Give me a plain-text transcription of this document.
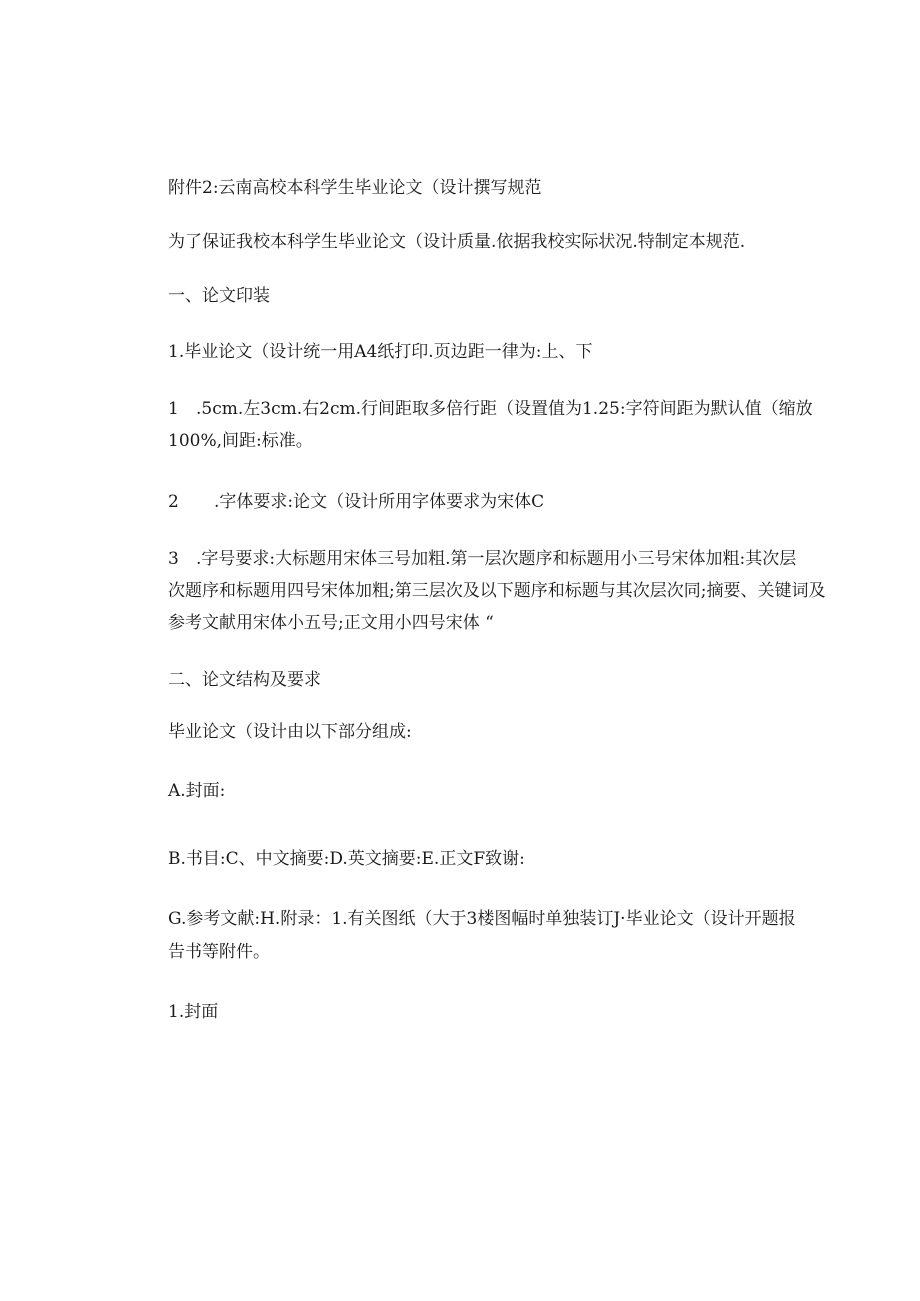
附件2:云南高校本科学生毕业论文（设计撰写规范
为了保证我校本科学生毕业论文（设计质量.依据我校实际状况.特制定本规范.
一、论文印装
1.毕业论文（设计统一用A4纸打印.页边距一律为:上、下
1 .5cm.左3cm.右2cm.行间距取多倍行距（设置值为1.25:字符间距为默认值（缩放
100%,间距:标准。
2 .字体要求:论文（设计所用字体要求为宋体C
3 .字号要求:大标题用宋体三号加粗.第一层次题序和标题用小三号宋体加粗:其次层
次题序和标题用四号宋体加粗;第三层次及以下题序和标题与其次层次同;摘要、关键词及
参考文献用宋体小五号;正文用小四号宋体 “
二、论文结构及要求
毕业论文（设计由以下部分组成:
A.封面:
B.书目:C、中文摘要:D.英文摘要:E.正文F致谢:
G.参考文献:H.附录：1.有关图纸（大于3楼图幅时单独装订J·毕业论文（设计开题报
告书等附件。
1.封面
